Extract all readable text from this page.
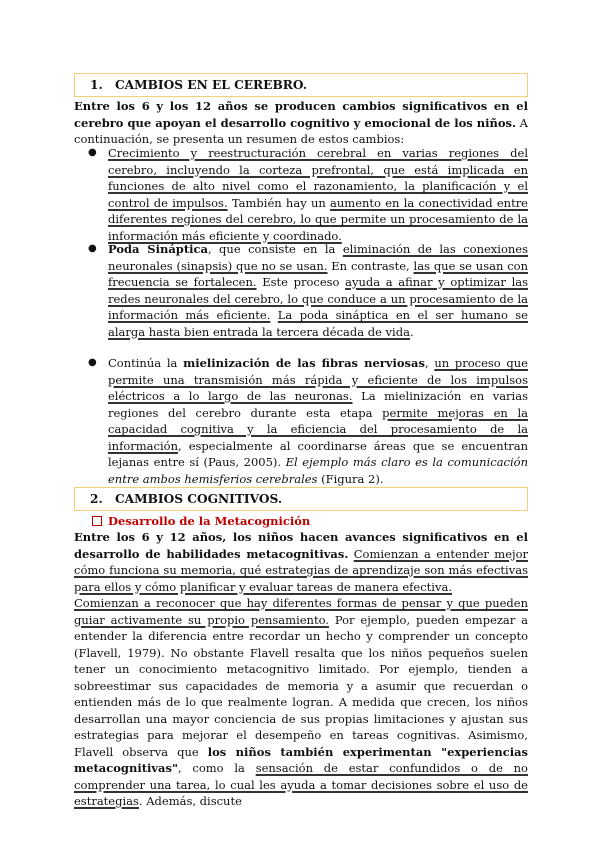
1. CAMBIOS EN EL CEREBRO.

Entre los 6 y los 12 años se producen cambios significativos en el cerebro que apoyan el desarrollo cognitivo y emocional de los niños. A continuación, se presenta un resumen de estos cambios:

● Crecimiento y reestructuración cerebral en varias regiones del cerebro, incluyendo la corteza prefrontal, que está implicada en funciones de alto nivel como el razonamiento, la planificación y el control de impulsos. También hay un aumento en la conectividad entre diferentes regiones del cerebro, lo que permite un procesamiento de la información más eficiente y coordinado.

● Poda Sináptica, que consiste en la eliminación de las conexiones neuronales (sinapsis) que no se usan. En contraste, las que se usan con frecuencia se fortalecen. Este proceso ayuda a afinar y optimizar las redes neuronales del cerebro, lo que conduce a un procesamiento de la información más eficiente. La poda sináptica en el ser humano se alarga hasta bien entrada la tercera década de vida.

● Continúa la mielinización de las fibras nerviosas, un proceso que permite una transmisión más rápida y eficiente de los impulsos eléctricos a lo largo de las neuronas. La mielinización en varias regiones del cerebro durante esta etapa permite mejoras en la capacidad cognitiva y la eficiencia del procesamiento de la información, especialmente al coordinarse áreas que se encuentran lejanas entre sí (Paus, 2005). El ejemplo más claro es la comunicación entre ambos hemisferios cerebrales (Figura 2).

2. CAMBIOS COGNITIVOS.
Desarrollo de la Metacognición

Entre los 6 y 12 años, los niños hacen avances significativos en el desarrollo de habilidades metacognitivas. Comienzan a entender mejor cómo funciona su memoria, qué estrategias de aprendizaje son más efectivas para ellos y cómo planificar y evaluar tareas de manera efectiva.

Comienzan a reconocer que hay diferentes formas de pensar y que pueden guiar activamente su propio pensamiento. Por ejemplo, pueden empezar a entender la diferencia entre recordar un hecho y comprender un concepto (Flavell, 1979). No obstante Flavell resalta que los niños pequeños suelen tener un conocimiento metacognitivo limitado. Por ejemplo, tienden a sobreestimar sus capacidades de memoria y a asumir que recuerdan o entienden más de lo que realmente logran. A medida que crecen, los niños desarrollan una mayor conciencia de sus propias limitaciones y ajustan sus estrategias para mejorar el desempeño en tareas cognitivas. Asimismo, Flavell observa que los niños también experimentan "experiencias metacognitivas", como la sensación de estar confundidos o de no comprender una tarea, lo cual les ayuda a tomar decisiones sobre el uso de estrategias. Además, discute
